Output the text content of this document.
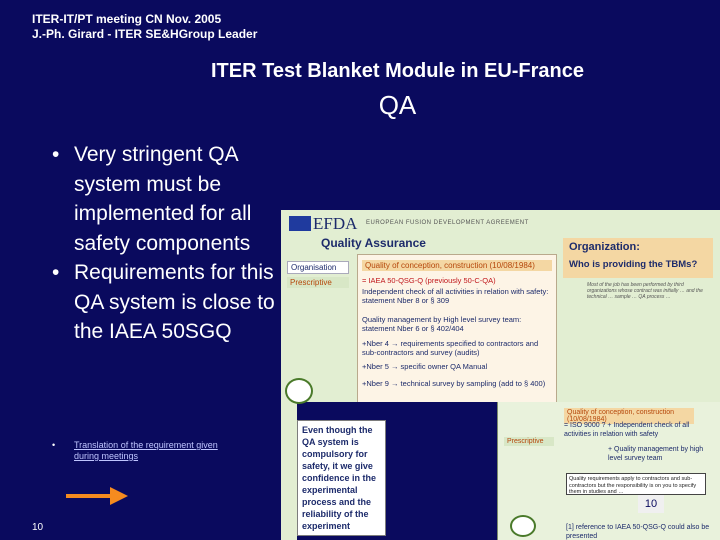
ITER-IT/PT meeting CN Nov. 2005
J.-Ph. Girard - ITER SE&HGroup Leader
ITER Test Blanket Module in EU-France
QA
• Very stringent QA system must be implemented for all safety components
• Requirements for this QA system is close to the IAEA 50SGQ
•	Translation of the requirement given during meetings
10
Quality of conception, construction (10/08/1984)
Prescriptive
= ISO 9000 ? + Independent check of all activities in relation with safety
+ Quality management by high level survey team
Quality requirements apply to contractors and sub-contractors but the responsibility is on you to specify them in studies and …
[1] reference to IAEA 50-QSG-Q could also be presented
EFDA EUROPEAN FUSION DEVELOPMENT AGREEMENT
Quality Assurance
Organisation
Prescriptive
Quality of conception, construction (10/08/1984)
= IAEA 50-QSG-Q (previously 50-C-QA)
Independent check of all activities in relation with safety: statement Nber 8 or § 309
Quality management by High level survey team: statement Nber 6 or § 402/404
+Nber 4 → requirements specified to contractors and sub-contractors and survey (audits)
+Nber 5 → specific owner QA Manual
+Nber 9 → technical survey by sampling (add to § 400)
Organization:
Who is providing the TBMs?
Most of the job has been performed by third organizations whose contract was initially … and the technical … sample … QA process …
Even though the QA system is compulsory for safety, it we give confidence in the experimental process and the reliability of the experiment
10
